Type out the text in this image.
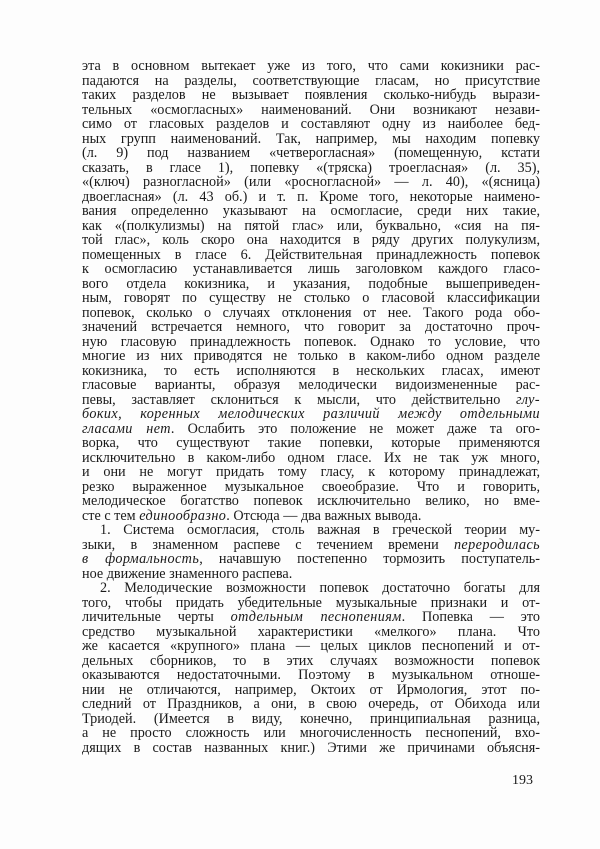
эта в основном вытекает уже из того, что сами кокизники рас-
падаются на разделы, соответствующие гласам, но присутствие
таких разделов не вызывает появления сколько-нибудь вырази-
тельных «осмогласных» наименований. Они возникают незави-
симо от гласовых разделов и составляют одну из наиболее бед-
ных групп наименований. Так, например, мы находим попевку
(л. 9) под названием «четверогласная» (помещенную, кстати
сказать, в гласе 1), попевку «(тряска) троегласная» (л. 35),
«(ключ) разногласной» (или «росногласной» — л. 40), «(ясница)
двоегласная» (л. 43 об.) и т. п. Кроме того, некоторые наимено-
вания определенно указывают на осмогласие, среди них такие,
как «(полкулизмы) на пятой глас» или, буквально, «сия на пя-
той глас», коль скоро она находится в ряду других полукулизм,
помещенных в гласе 6. Действительная принадлежность попевок
к осмогласию устанавливается лишь заголовком каждого гласо-
вого отдела кокизника, и указания, подобные вышеприведен-
ным, говорят по существу не столько о гласовой классификации
попевок, сколько о случаях отклонения от нее. Такого рода обо-
значений встречается немного, что говорит за достаточно проч-
ную гласовую принадлежность попевок. Однако то условие, что
многие из них приводятся не только в каком-либо одном разделе
кокизника, то есть исполняются в нескольких гласах, имеют
гласовые варианты, образуя мелодически видоизмененные рас-
певы, заставляет склониться к мысли, что действительно глу-
боких, коренных мелодических различий между отдельными
гласами нет. Ослабить это положение не может даже та ого-
ворка, что существуют такие попевки, которые применяются
исключительно в каком-либо одном гласе. Их не так уж много,
и они не могут придать тому гласу, к которому принадлежат,
резко выраженное музыкальное своеобразие. Что и говорить,
мелодическое богатство попевок исключительно велико, но вме-
сте с тем единообразно. Отсюда — два важных вывода.
1. Система осмогласия, столь важная в греческой теории му-
зыки, в знаменном распеве с течением времени переродилась
в формальность, начавшую постепенно тормозить поступатель-
ное движение знаменного распева.
2. Мелодические возможности попевок достаточно богаты для
того, чтобы придать убедительные музыкальные признаки и от-
личительные черты отдельным песнопениям. Попевка — это
средство музыкальной характеристики «мелкого» плана. Что
же касается «крупного» плана — целых циклов песнопений и от-
дельных сборников, то в этих случаях возможности попевок
оказываются недостаточными. Поэтому в музыкальном отноше-
нии не отличаются, например, Октоих от Ирмология, этот по-
следний от Праздников, а они, в свою очередь, от Обихода или
Триодей. (Имеется в виду, конечно, принципиальная разница,
а не просто сложность или многочисленность песнопений, вхо-
дящих в состав названных книг.) Этими же причинами объясня-
193
